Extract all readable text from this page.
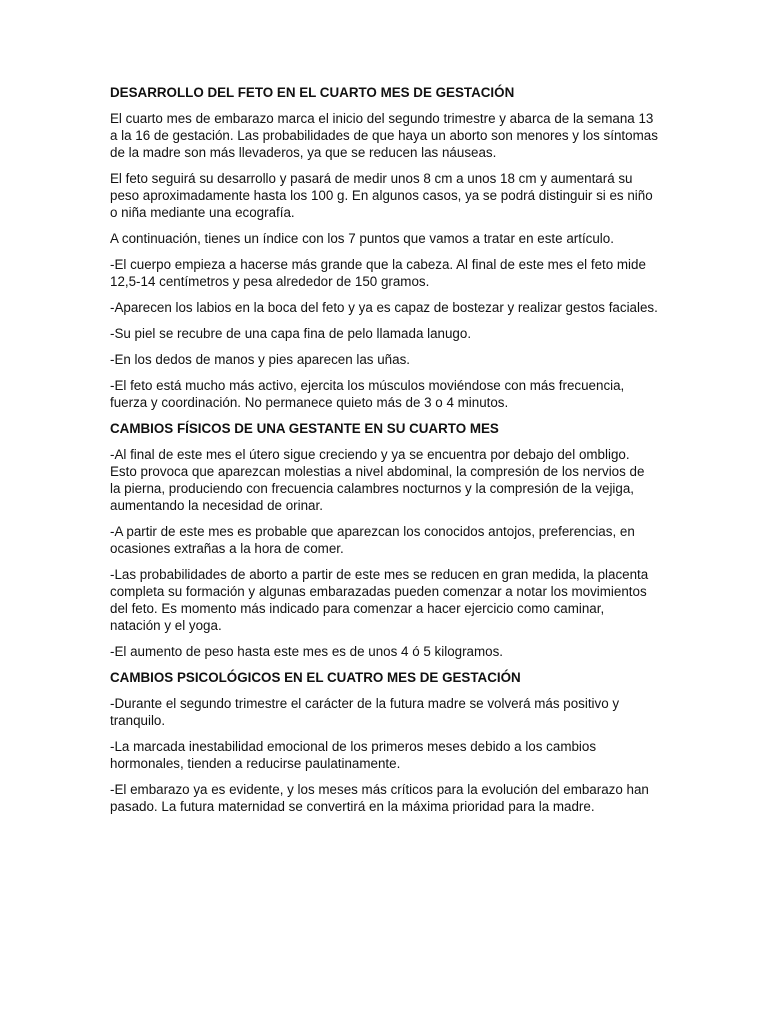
DESARROLLO DEL FETO EN EL CUARTO MES DE GESTACIÓN

El cuarto mes de embarazo marca el inicio del segundo trimestre y abarca de la semana 13 a la 16 de gestación. Las probabilidades de que haya un aborto son menores y los síntomas de la madre son más llevaderos, ya que se reducen las náuseas.

El feto seguirá su desarrollo y pasará de medir unos 8 cm a unos 18 cm y aumentará su peso aproximadamente hasta los 100 g. En algunos casos, ya se podrá distinguir si es niño o niña mediante una ecografía.

A continuación, tienes un índice con los 7 puntos que vamos a tratar en este artículo.

-El cuerpo empieza a hacerse más grande que la cabeza. Al final de este mes el feto mide 12,5-14 centímetros y pesa alrededor de 150 gramos.

-Aparecen los labios en la boca del feto y ya es capaz de bostezar y realizar gestos faciales.

-Su piel se recubre de una capa fina de pelo llamada lanugo.

-En los dedos de manos y pies aparecen las uñas.

-El feto está mucho más activo, ejercita los músculos moviéndose con más frecuencia, fuerza y coordinación. No permanece quieto más de 3 o 4 minutos.

CAMBIOS FÍSICOS DE UNA GESTANTE EN SU CUARTO MES

-Al final de este mes el útero sigue creciendo y ya se encuentra por debajo del ombligo. Esto provoca que aparezcan molestias a nivel abdominal, la compresión de los nervios de la pierna, produciendo con frecuencia calambres nocturnos y la compresión de la vejiga, aumentando la necesidad de orinar.

-A partir de este mes es probable que aparezcan los conocidos antojos, preferencias, en ocasiones extrañas a la hora de comer.

-Las probabilidades de aborto a partir de este mes se reducen en gran medida, la placenta completa su formación y algunas embarazadas pueden comenzar a notar los movimientos del feto. Es momento más indicado para comenzar a hacer ejercicio como caminar, natación y el yoga.

-El aumento de peso hasta este mes es de unos 4 ó 5 kilogramos.

CAMBIOS PSICOLÓGICOS EN EL CUATRO MES DE GESTACIÓN

-Durante el segundo trimestre el carácter de la futura madre se volverá más positivo y tranquilo.

-La marcada inestabilidad emocional de los primeros meses debido a los cambios hormonales, tienden a reducirse paulatinamente.

-El embarazo ya es evidente, y los meses más críticos para la evolución del embarazo han pasado. La futura maternidad se convertirá en la máxima prioridad para la madre.
